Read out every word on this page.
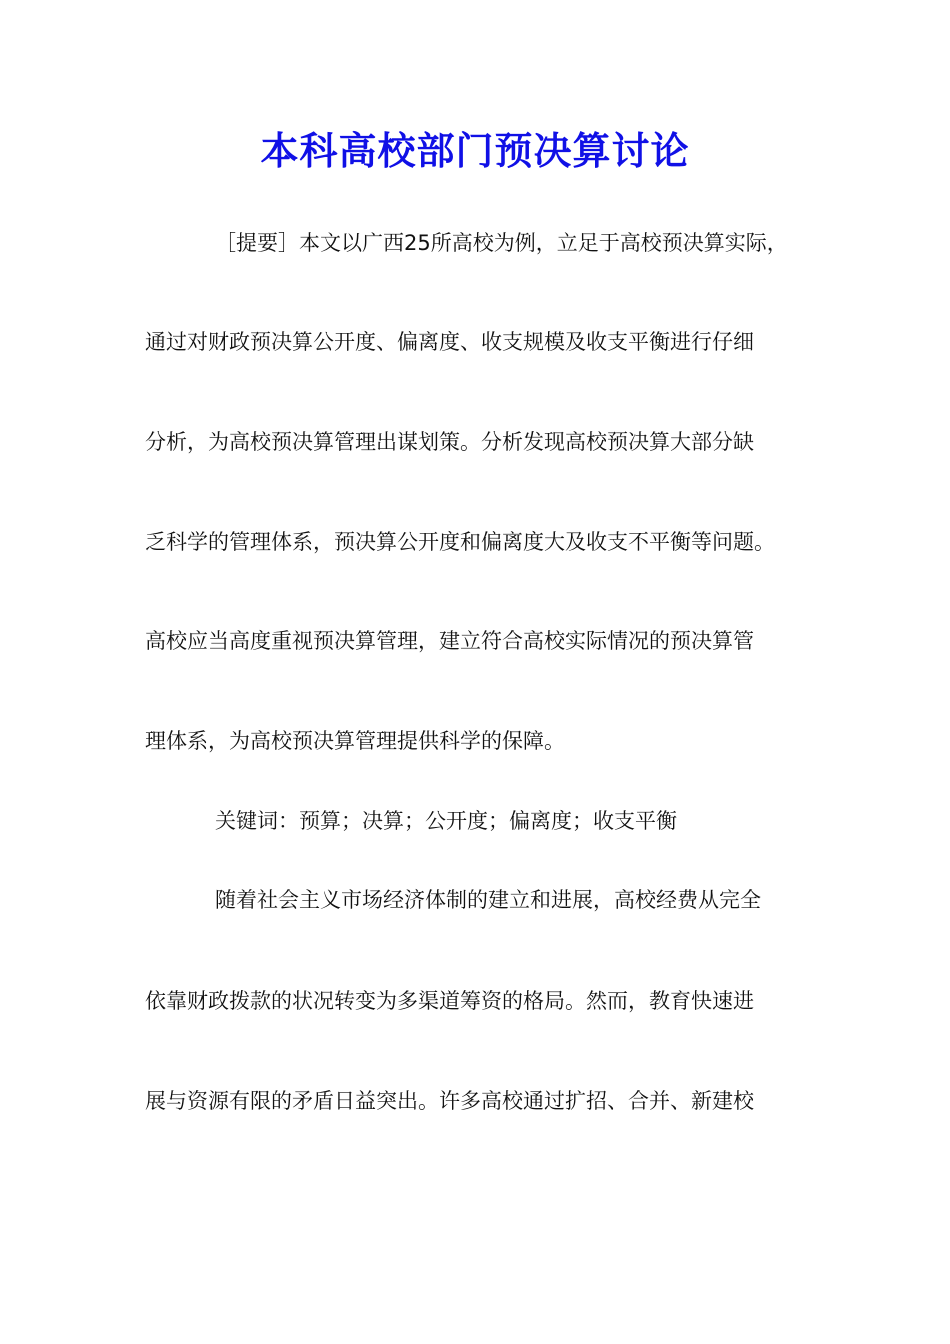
本科高校部门预决算讨论
［提要］本文以广西25所高校为例，立足于高校预决算实际，
通过对财政预决算公开度、偏离度、收支规模及收支平衡进行仔细
分析，为高校预决算管理出谋划策。分析发现高校预决算大部分缺
乏科学的管理体系，预决算公开度和偏离度大及收支不平衡等问题。
高校应当高度重视预决算管理，建立符合高校实际情况的预决算管
理体系，为高校预决算管理提供科学的保障。
关键词：预算；决算；公开度；偏离度；收支平衡
随着社会主义市场经济体制的建立和进展，高校经费从完全
依靠财政拨款的状况转变为多渠道筹资的格局。然而，教育快速进
展与资源有限的矛盾日益突出。许多高校通过扩招、合并、新建校
